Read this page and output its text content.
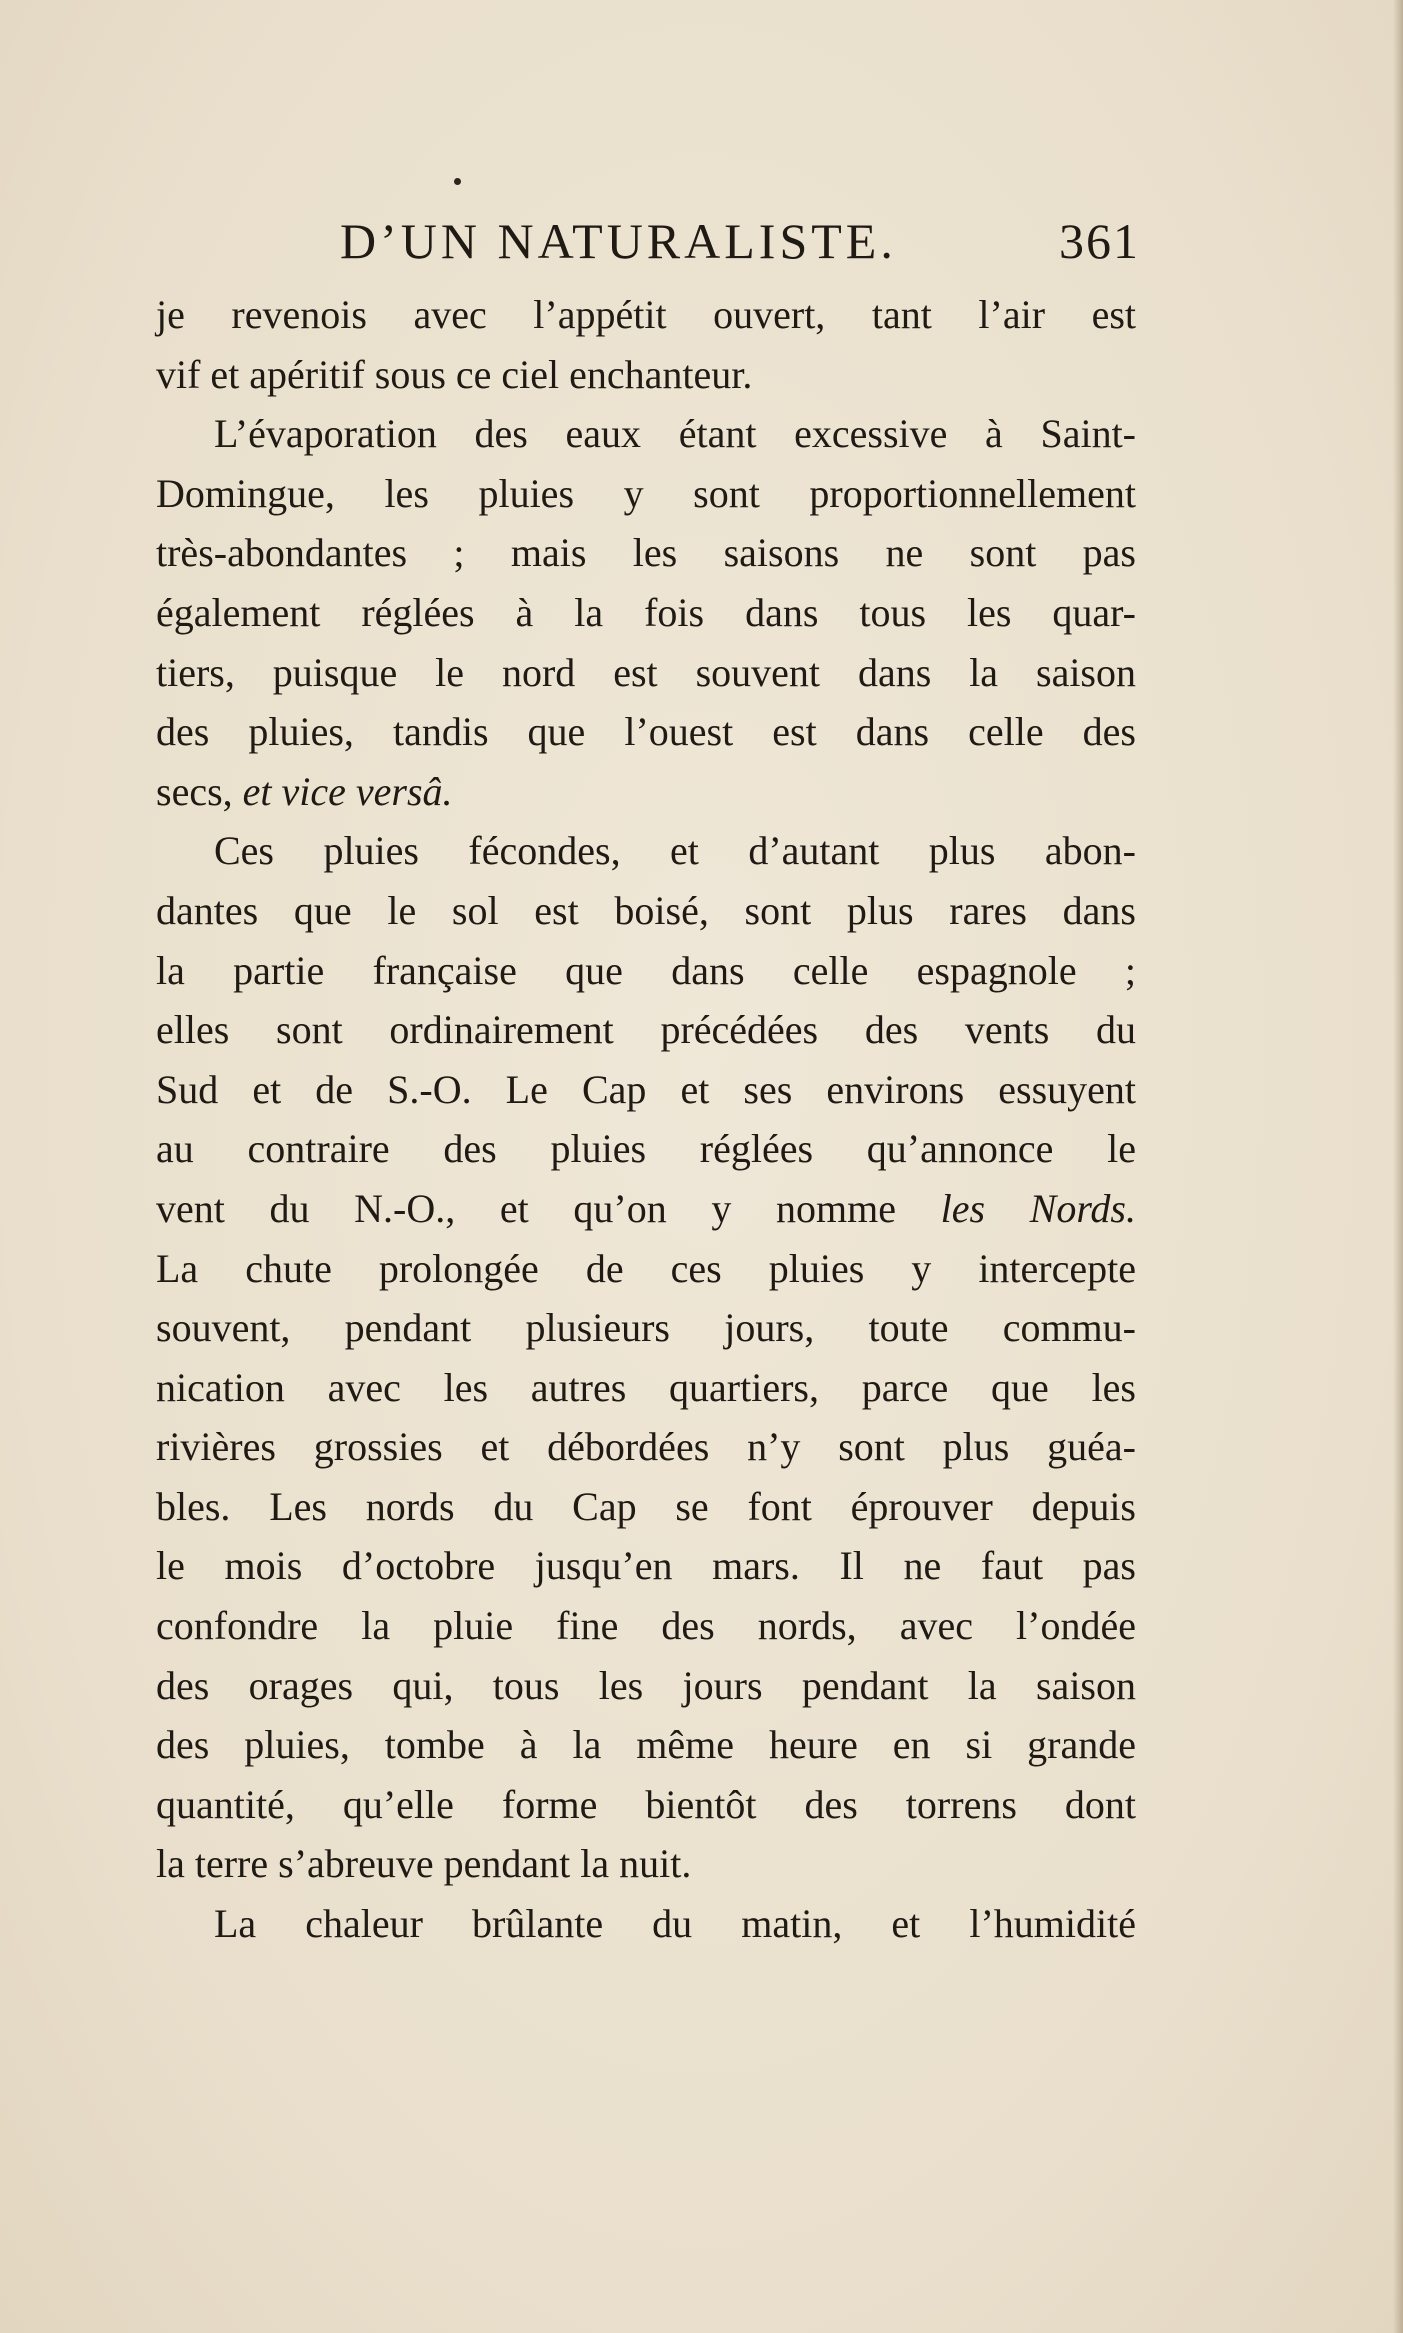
D’UN NATURALISTE.	361
je revenois avec l’appétit ouvert, tant l’air est
vif et apéritif sous ce ciel enchanteur.
L’évaporation des eaux étant excessive à Saint-
Domingue, les pluies y sont proportionnellement
très-abondantes ; mais les saisons ne sont pas
également réglées à la fois dans tous les quar-
tiers, puisque le nord est souvent dans la saison
des pluies, tandis que l’ouest est dans celle des
secs, et vice versâ.
Ces pluies fécondes, et d’autant plus abon-
dantes que le sol est boisé, sont plus rares dans
la partie française que dans celle espagnole ;
elles sont ordinairement précédées des vents du
Sud et de S.-O. Le Cap et ses environs essuyent
au contraire des pluies réglées qu’annonce le
vent du N.-O., et qu’on y nomme les Nords.
La chute prolongée de ces pluies y intercepte
souvent, pendant plusieurs jours, toute commu-
nication avec les autres quartiers, parce que les
rivières grossies et débordées n’y sont plus guéa-
bles. Les nords du Cap se font éprouver depuis
le mois d’octobre jusqu’en mars. Il ne faut pas
confondre la pluie fine des nords, avec l’ondée
des orages qui, tous les jours pendant la saison
des pluies, tombe à la même heure en si grande
quantité, qu’elle forme bientôt des torrens dont
la terre s’abreuve pendant la nuit.
La chaleur brûlante du matin, et l’humidité
